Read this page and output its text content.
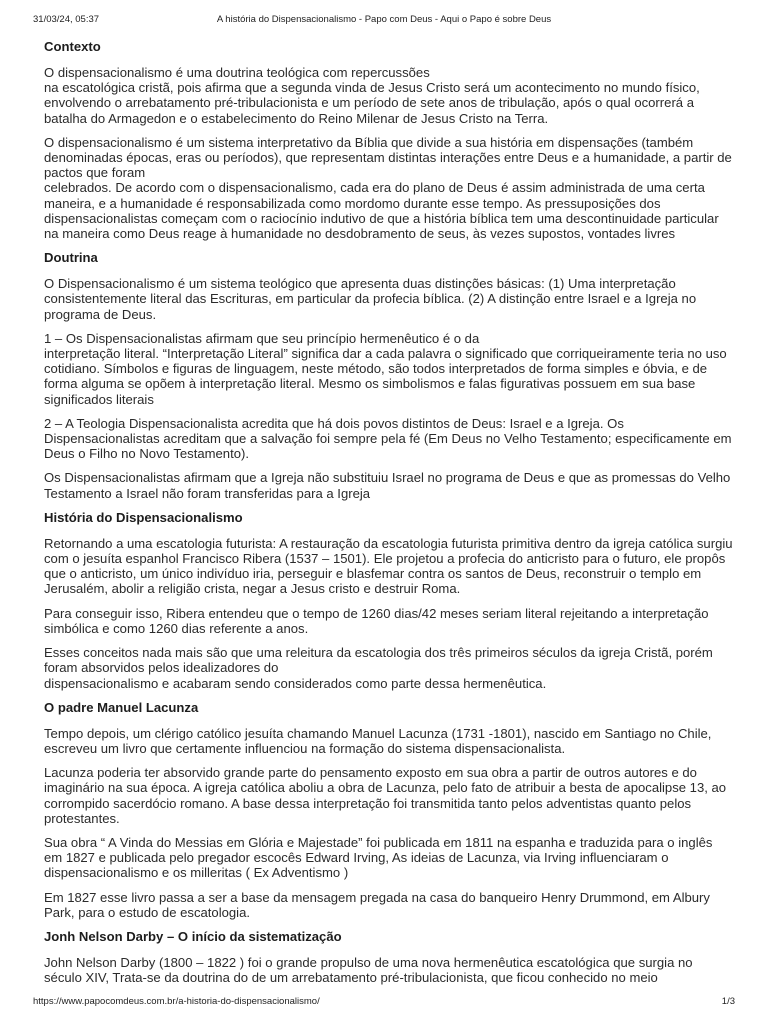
31/03/24, 05:37	A história do Dispensacionalismo - Papo com Deus - Aqui o Papo é sobre Deus
Contexto

O dispensacionalismo é uma doutrina teológica com repercussões
na escatológica cristã, pois afirma que a segunda vinda de Jesus Cristo será um acontecimento no mundo físico, envolvendo o arrebatamento pré-tribulacionista e um período de sete anos de tribulação, após o qual ocorrerá a batalha do Armagedon e o estabelecimento do Reino Milenar de Jesus Cristo na Terra.

O dispensacionalismo é um sistema interpretativo da Bíblia que divide a sua história em dispensações (também denominadas épocas, eras ou períodos), que representam distintas interações entre Deus e a humanidade, a partir de pactos que foram
celebrados. De acordo com o dispensacionalismo, cada era do plano de Deus é assim administrada de uma certa maneira, e a humanidade é responsabilizada como mordomo durante esse tempo. As pressuposições dos dispensacionalistas começam com o raciocínio indutivo de que a história bíblica tem uma descontinuidade particular na maneira como Deus reage à humanidade no desdobramento de seus, às vezes supostos, vontades livres

Doutrina

O Dispensacionalismo é um sistema teológico que apresenta duas distinções básicas: (1) Uma interpretação consistentemente literal das Escrituras, em particular da profecia bíblica. (2) A distinção entre Israel e a Igreja no programa de Deus.

1 – Os Dispensacionalistas afirmam que seu princípio hermenêutico é o da
interpretação literal. “Interpretação Literal” significa dar a cada palavra o significado que corriqueiramente teria no uso cotidiano. Símbolos e figuras de linguagem, neste método, são todos interpretados de forma simples e óbvia, e de forma alguma se opõem à interpretação literal. Mesmo os simbolismos e falas figurativas possuem em sua base significados literais

2 – A Teologia Dispensacionalista acredita que há dois povos distintos de Deus: Israel e a Igreja. Os Dispensacionalistas acreditam que a salvação foi sempre pela fé (Em Deus no Velho Testamento; especificamente em Deus o Filho no Novo Testamento).

Os Dispensacionalistas afirmam que a Igreja não substituiu Israel no programa de Deus e que as promessas do Velho Testamento a Israel não foram transferidas para a Igreja

História do Dispensacionalismo

Retornando a uma escatologia futurista: A restauração da escatologia futurista primitiva dentro da igreja católica surgiu com o jesuíta espanhol Francisco Ribera (1537 – 1501). Ele projetou a profecia do anticristo para o futuro, ele propôs que o anticristo, um único indivíduo iria, perseguir e blasfemar contra os santos de Deus, reconstruir o templo em Jerusalém, abolir a religião crista, negar a Jesus cristo e destruir Roma.

Para conseguir isso, Ribera entendeu que o tempo de 1260 dias/42 meses seriam literal rejeitando a interpretação simbólica e como 1260 dias referente a anos.

Esses conceitos nada mais são que uma releitura da escatologia dos três primeiros séculos da igreja Cristã, porém foram absorvidos pelos idealizadores do
dispensacionalismo e acabaram sendo considerados como parte dessa hermenêutica.

O padre Manuel Lacunza

Tempo depois, um clérigo católico jesuíta chamando Manuel Lacunza (1731 -1801), nascido em Santiago no Chile, escreveu um livro que certamente influenciou na formação do sistema dispensacionalista.

Lacunza poderia ter absorvido grande parte do pensamento exposto em sua obra a partir de outros autores e do imaginário na sua época. A igreja católica aboliu a obra de Lacunza, pelo fato de atribuir a besta de apocalipse 13, ao corrompido sacerdócio romano. A base dessa interpretação foi transmitida tanto pelos adventistas quanto pelos protestantes.

Sua obra “ A Vinda do Messias em Glória e Majestade” foi publicada em 1811 na espanha e traduzida para o inglês em 1827 e publicada pelo pregador escocês Edward Irving, As ideias de Lacunza, via Irving influenciaram o dispensacionalismo e os milleritas ( Ex Adventismo )

Em 1827 esse livro passa a ser a base da mensagem pregada na casa do banqueiro Henry Drummond, em Albury Park, para o estudo de escatologia.

Jonh Nelson Darby – O início da sistematização

John Nelson Darby (1800 – 1822 ) foi o grande propulso de uma nova hermenêutica escatológica que surgia no século XIV, Trata-se da doutrina do de um arrebatamento pré-tribulacionista, que ficou conhecido no meio

https://www.papocomdeus.com.br/a-historia-do-dispensacionalismo/	1/3
